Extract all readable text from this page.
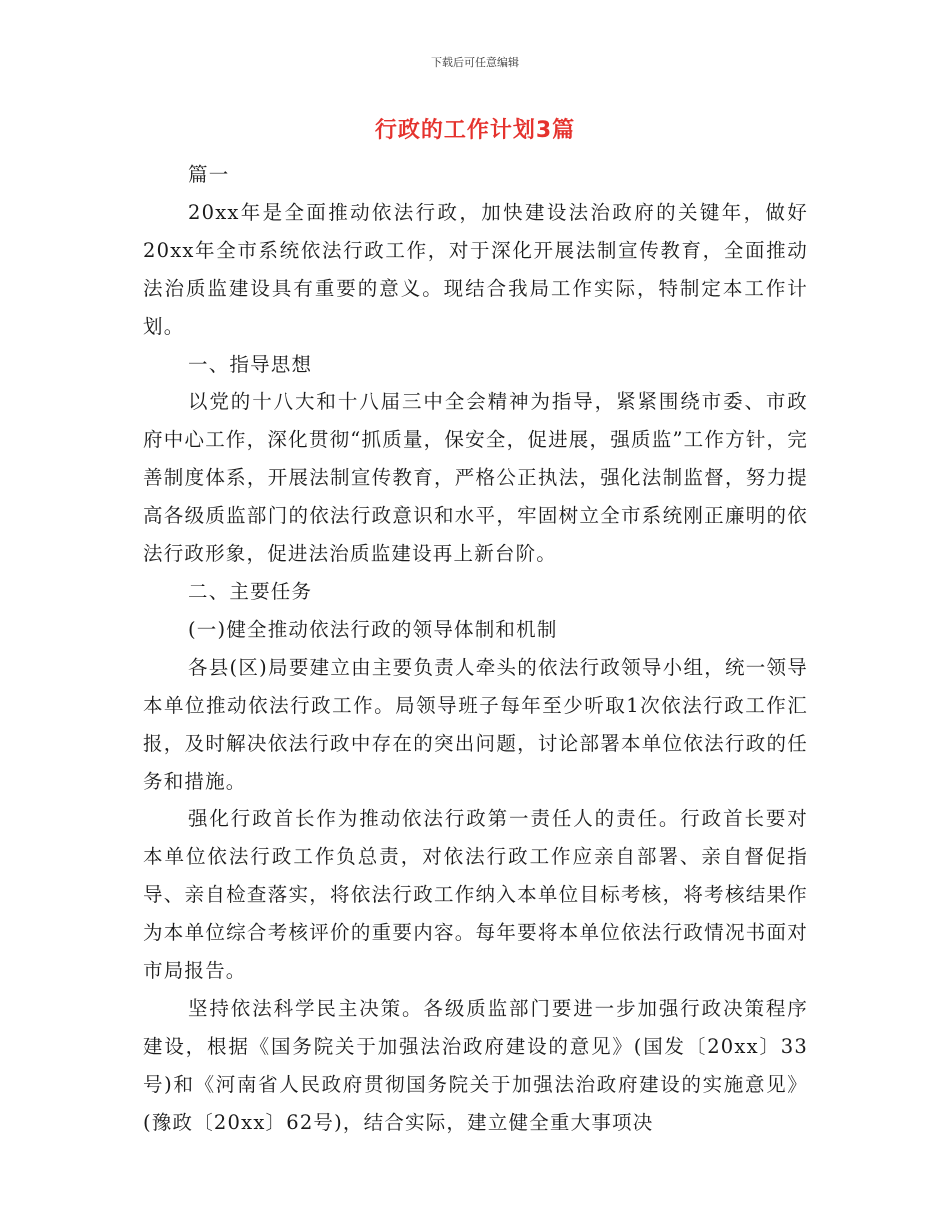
下载后可任意编辑
行政的工作计划3篇

篇一

20xx年是全面推动依法行政，加快建设法治政府的关键年，做好20xx年全市系统依法行政工作，对于深化开展法制宣传教育，全面推动法治质监建设具有重要的意义。现结合我局工作实际，特制定本工作计划。

一、指导思想

以党的十八大和十八届三中全会精神为指导，紧紧围绕市委、市政府中心工作，深化贯彻“抓质量，保安全，促进展，强质监”工作方针，完善制度体系，开展法制宣传教育，严格公正执法，强化法制监督，努力提高各级质监部门的依法行政意识和水平，牢固树立全市系统刚正廉明的依法行政形象，促进法治质监建设再上新台阶。

二、主要任务

(一)健全推动依法行政的领导体制和机制

各县(区)局要建立由主要负责人牵头的依法行政领导小组，统一领导本单位推动依法行政工作。局领导班子每年至少听取1次依法行政工作汇报，及时解决依法行政中存在的突出问题，讨论部署本单位依法行政的任务和措施。

强化行政首长作为推动依法行政第一责任人的责任。行政首长要对本单位依法行政工作负总责，对依法行政工作应亲自部署、亲自督促指导、亲自检查落实，将依法行政工作纳入本单位目标考核，将考核结果作为本单位综合考核评价的重要内容。每年要将本单位依法行政情况书面对市局报告。

坚持依法科学民主决策。各级质监部门要进一步加强行政决策程序建设，根据《国务院关于加强法治政府建设的意见》(国发〔20xx〕33号)和《河南省人民政府贯彻国务院关于加强法治政府建设的实施意见》(豫政〔20xx〕62号)，结合实际，建立健全重大事项决
